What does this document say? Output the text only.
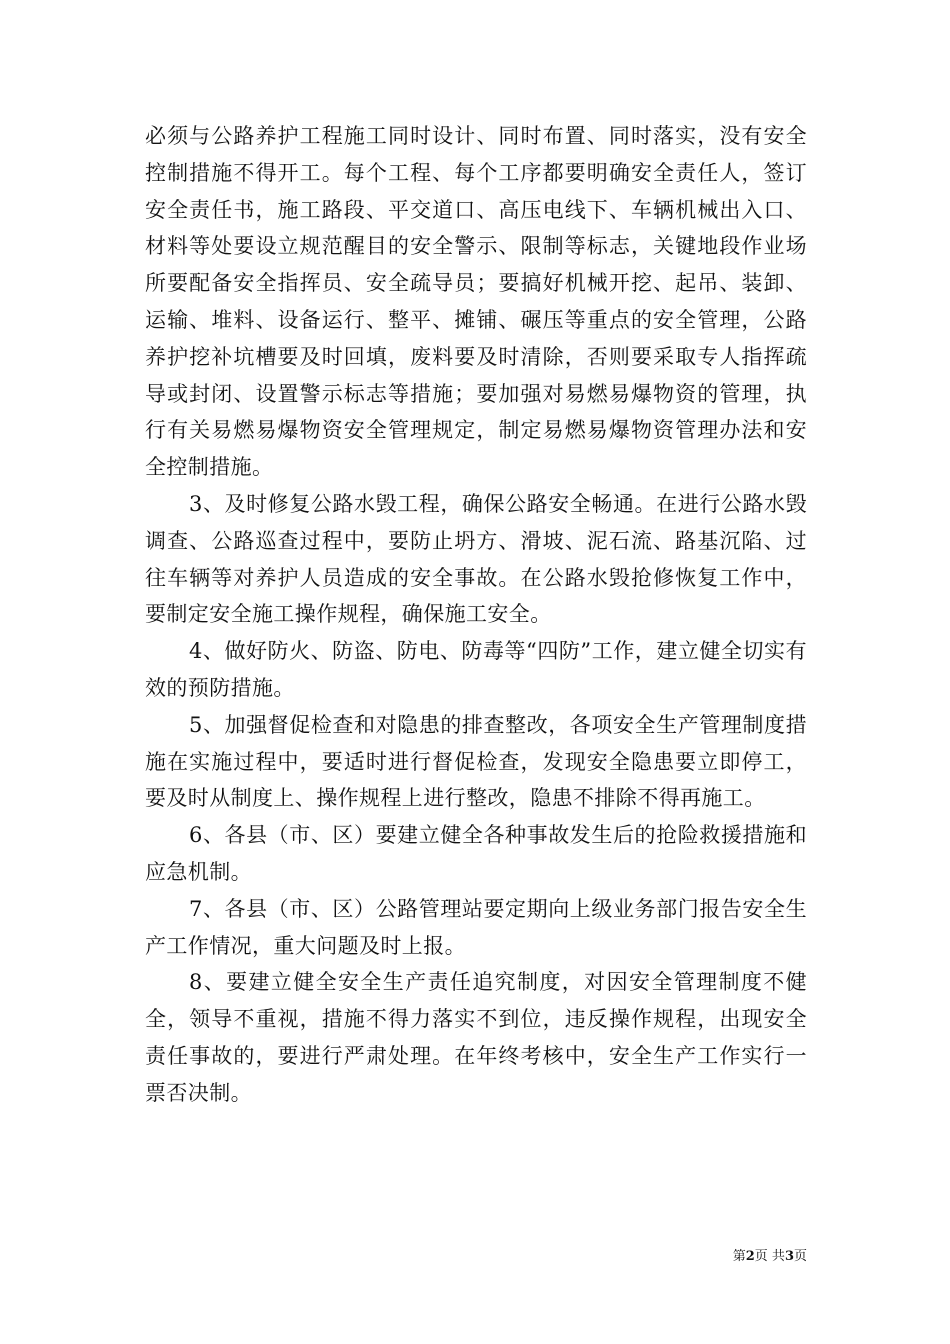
必须与公路养护工程施工同时设计、同时布置、同时落实，没有安全控制措施不得开工。每个工程、每个工序都要明确安全责任人，签订安全责任书，施工路段、平交道口、高压电线下、车辆机械出入口、材料等处要设立规范醒目的安全警示、限制等标志，关键地段作业场所要配备安全指挥员、安全疏导员；要搞好机械开挖、起吊、装卸、运输、堆料、设备运行、整平、摊铺、碾压等重点的安全管理，公路养护挖补坑槽要及时回填，废料要及时清除，否则要采取专人指挥疏导或封闭、设置警示标志等措施；要加强对易燃易爆物资的管理，执行有关易燃易爆物资安全管理规定，制定易燃易爆物资管理办法和安全控制措施。

3、及时修复公路水毁工程，确保公路安全畅通。在进行公路水毁调查、公路巡查过程中，要防止坍方、滑坡、泥石流、路基沉陷、过往车辆等对养护人员造成的安全事故。在公路水毁抢修恢复工作中，要制定安全施工操作规程，确保施工安全。

4、做好防火、防盗、防电、防毒等“四防”工作，建立健全切实有效的预防措施。

5、加强督促检查和对隐患的排查整改，各项安全生产管理制度措施在实施过程中，要适时进行督促检查，发现安全隐患要立即停工，要及时从制度上、操作规程上进行整改，隐患不排除不得再施工。

6、各县（市、区）要建立健全各种事故发生后的抢险救援措施和应急机制。

7、各县（市、区）公路管理站要定期向上级业务部门报告安全生产工作情况，重大问题及时上报。

8、要建立健全安全生产责任追究制度，对因安全管理制度不健全，领导不重视，措施不得力落实不到位，违反操作规程，出现安全责任事故的，要进行严肃处理。在年终考核中，安全生产工作实行一票否决制。

第2页 共3页
